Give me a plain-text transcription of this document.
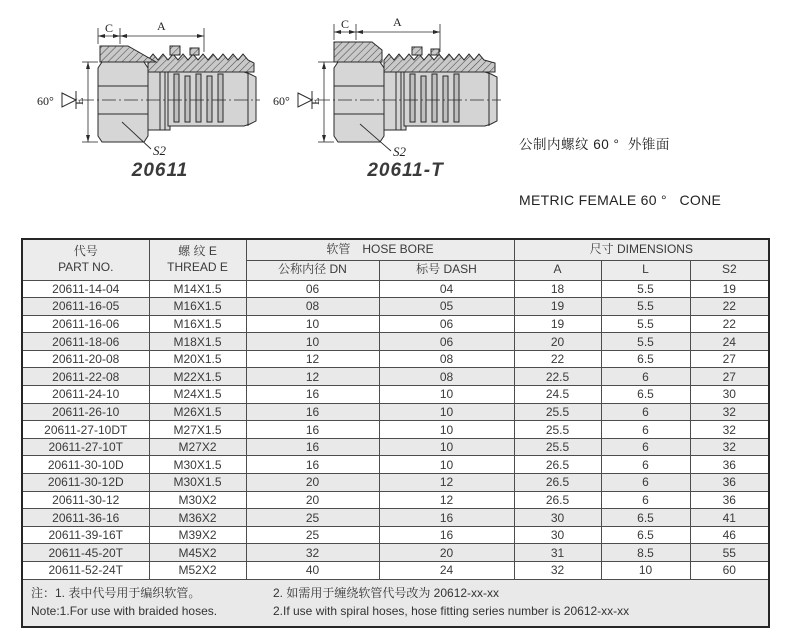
C	A
E
60°
S2
20611
C	A
E
60°
S2
20611-T

公制内螺纹 60 °  外锥面

METRIC FEMALE 60 °   CONE

代号
PART NO.

螺 纹 E
THREAD E
	软管　HOSE BORE	尺寸 DIMENSIONS
		公称内径 DN	标号 DASH	A	L	S2
20611-14-04	M14X1.5	06	04	18	5.5	19
20611-16-05	M16X1.5	08	05	19	5.5	22
20611-16-06	M16X1.5	10	06	19	5.5	22
20611-18-06	M18X1.5	10	06	20	5.5	24
20611-20-08	M20X1.5	12	08	22	6.5	27
20611-22-08	M22X1.5	12	08	22.5	6	27
20611-24-10	M24X1.5	16	10	24.5	6.5	30
20611-26-10	M26X1.5	16	10	25.5	6	32
20611-27-10DT	M27X1.5	16	10	25.5	6	32
20611-27-10T	M27X2	16	10	25.5	6	32
20611-30-10D	M30X1.5	16	10	26.5	6	36
20611-30-12D	M30X1.5	20	12	26.5	6	36
20611-30-12	M30X2	20	12	26.5	6	36
20611-36-16	M36X2	25	16	30	6.5	41
20611-39-16T	M39X2	25	16	30	6.5	46
20611-45-20T	M45X2	32	20	31	8.5	55
20611-52-24T	M52X2	40	24	32	10	60

注：1. 表中代号用于编织软管。
Note:1.For use with braided hoses.
2. 如需用于缠绕软管代号改为 20612-xx-xx
2.If use with spiral hoses, hose fitting series number is 20612-xx-xx						
